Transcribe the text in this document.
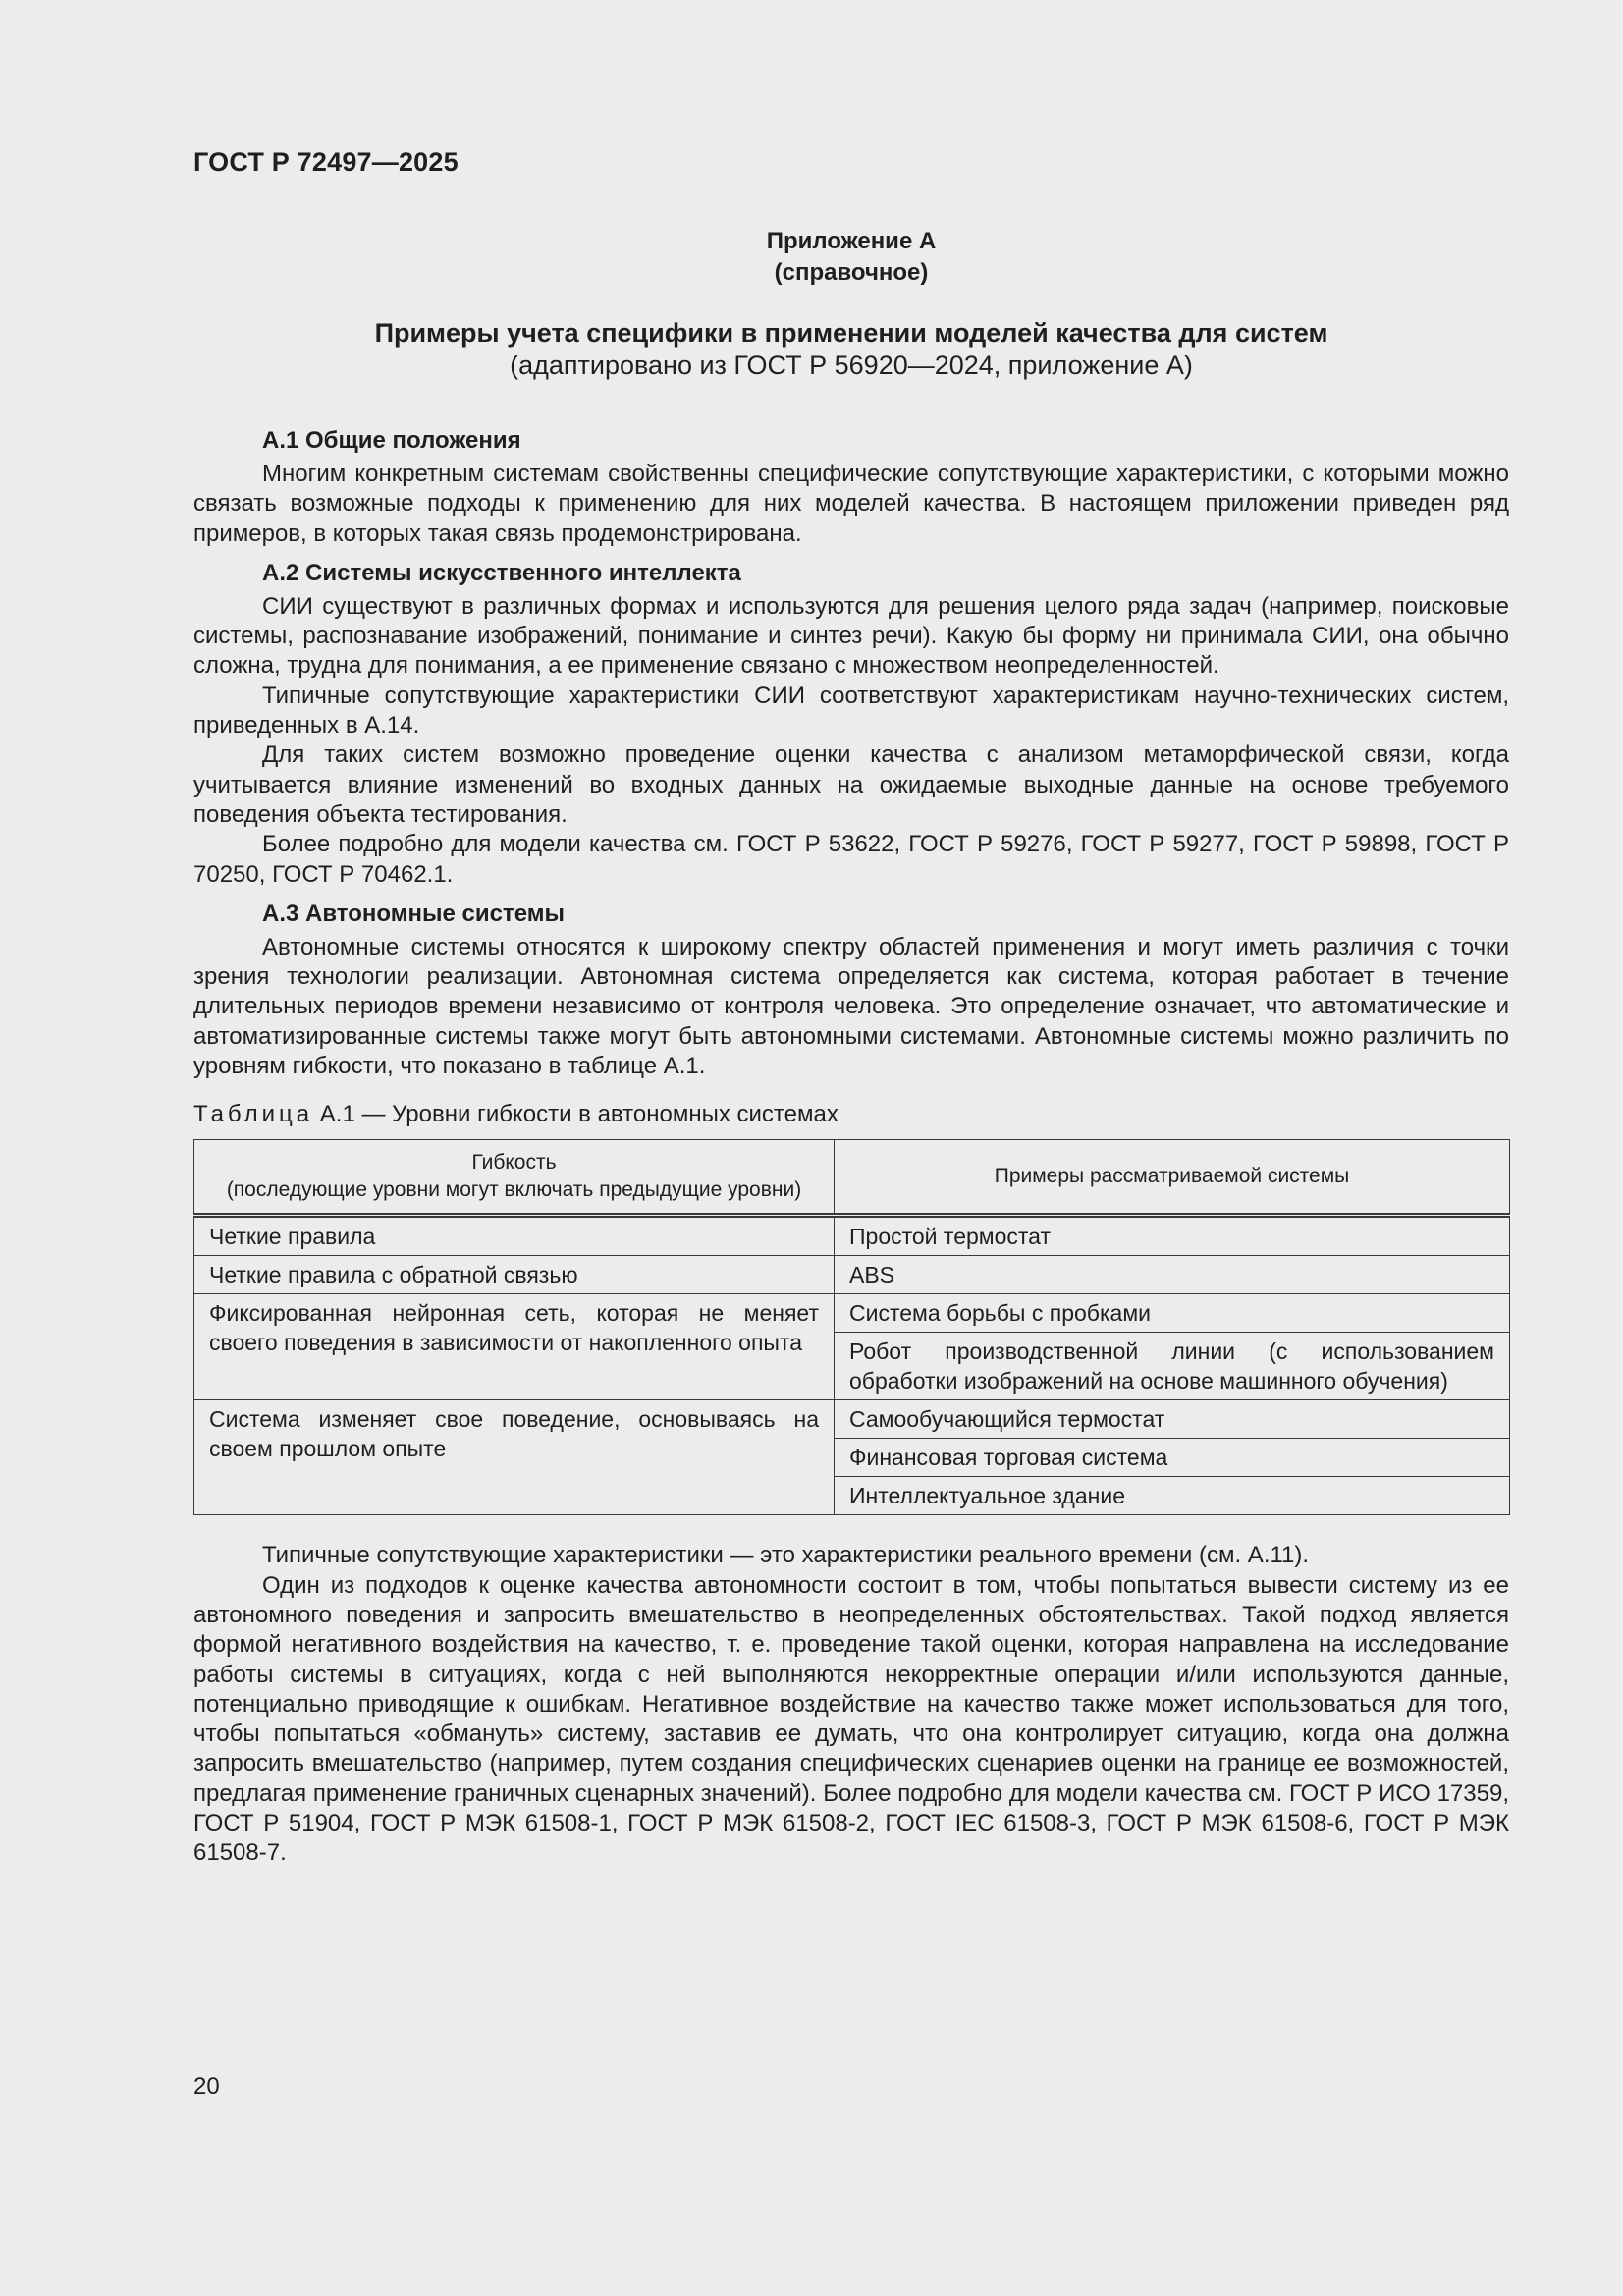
ГОСТ Р 72497—2025
Приложение А
(справочное)
Примеры учета специфики в применении моделей качества для систем
(адаптировано из ГОСТ Р 56920—2024, приложение А)
А.1 Общие положения

Многим конкретным системам свойственны специфические сопутствующие характеристики, с которыми можно связать возможные подходы к применению для них моделей качества. В настоящем приложении приведен ряд примеров, в которых такая связь продемонстрирована.

А.2 Системы искусственного интеллекта

СИИ существуют в различных формах и используются для решения целого ряда задач (например, поисковые системы, распознавание изображений, понимание и синтез речи). Какую бы форму ни принимала СИИ, она обычно сложна, трудна для понимания, а ее применение связано с множеством неопределенностей.

Типичные сопутствующие характеристики СИИ соответствуют характеристикам научно-технических систем, приведенных в А.14.

Для таких систем возможно проведение оценки качества с анализом метаморфической связи, когда учитывается влияние изменений во входных данных на ожидаемые выходные данные на основе требуемого поведения объекта тестирования.

Более подробно для модели качества см. ГОСТ Р 53622, ГОСТ Р 59276, ГОСТ Р 59277, ГОСТ Р 59898, ГОСТ Р 70250, ГОСТ Р 70462.1.

А.3 Автономные системы

Автономные системы относятся к широкому спектру областей применения и могут иметь различия с точки зрения технологии реализации. Автономная система определяется как система, которая работает в течение длительных периодов времени независимо от контроля человека. Это определение означает, что автоматические и автоматизированные системы также могут быть автономными системами. Автономные системы можно различить по уровням гибкости, что показано в таблице А.1.

Таблица А.1 — Уровни гибкости в автономных системах
Гибкость
(последующие уровни могут включать предыдущие уровни)	Примеры рассматриваемой системы
Четкие правила	Простой термостат
Четкие правила с обратной связью	ABS
Фиксированная нейронная сеть, которая не меняет своего поведения в зависимости от накопленного опыта	Система борьбы с пробками
	Робот производственной линии (с использованием обработки изображений на основе машинного обучения)
Система изменяет свое поведение, основываясь на своем прошлом опыте	Самообучающийся термостат
	Финансовая торговая система
	Интеллектуальное здание

Типичные сопутствующие характеристики — это характеристики реального времени (см. А.11).

Один из подходов к оценке качества автономности состоит в том, чтобы попытаться вывести систему из ее автономного поведения и запросить вмешательство в неопределенных обстоятельствах. Такой подход является формой негативного воздействия на качество, т. е. проведение такой оценки, которая направлена на исследование работы системы в ситуациях, когда с ней выполняются некорректные операции и/или используются данные, потенциально приводящие к ошибкам. Негативное воздействие на качество также может использоваться для того, чтобы попытаться «обмануть» систему, заставив ее думать, что она контролирует ситуацию, когда она должна запросить вмешательство (например, путем создания специфических сценариев оценки на границе ее возможностей, предлагая применение граничных сценарных значений). Более подробно для модели качества см. ГОСТ Р ИСО 17359, ГОСТ Р 51904, ГОСТ Р МЭК 61508-1, ГОСТ Р МЭК 61508-2, ГОСТ IEC 61508-3, ГОСТ Р МЭК 61508-6, ГОСТ Р МЭК 61508-7.

20
